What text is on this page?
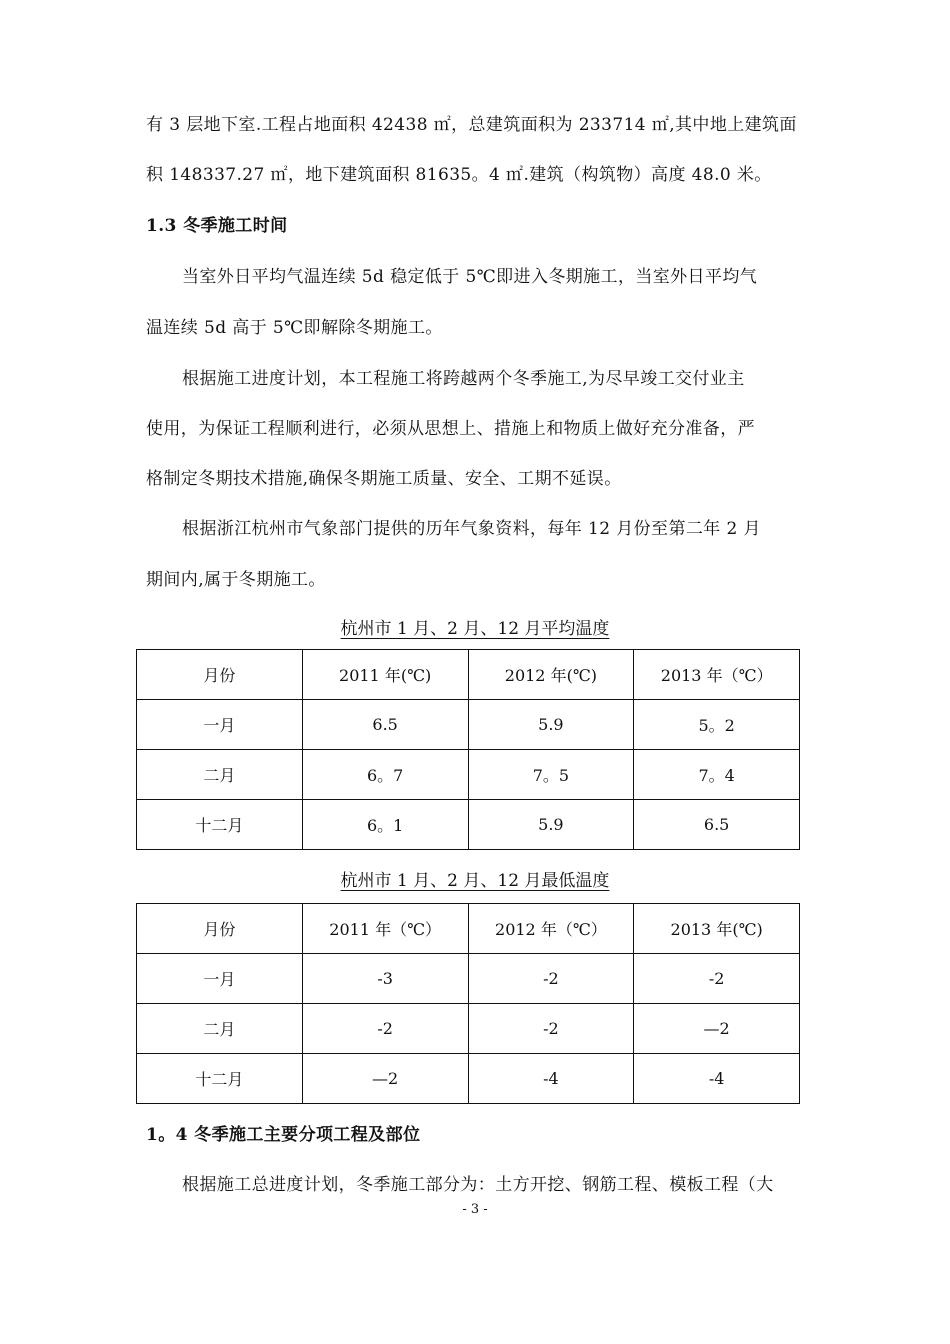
有 3 层地下室.工程占地面积 42438 ㎡，总建筑面积为 233714 ㎡,其中地上建筑面
积 148337.27 ㎡，地下建筑面积 81635。4 ㎡.建筑（构筑物）高度 48.0 米。
1.3 冬季施工时间
当室外日平均气温连续 5d 稳定低于 5℃即进入冬期施工，当室外日平均气
温连续 5d 高于 5℃即解除冬期施工。
根据施工进度计划，本工程施工将跨越两个冬季施工,为尽早竣工交付业主
使用，为保证工程顺利进行，必须从思想上、措施上和物质上做好充分准备，严
格制定冬期技术措施,确保冬期施工质量、安全、工期不延误。
根据浙江杭州市气象部门提供的历年气象资料，每年 12 月份至第二年 2 月
期间内,属于冬期施工。
杭州市 1 月、2 月、12 月平均温度
月份	2011 年(℃)	2012 年(℃)	2013 年（℃）
一月	6.5	5.9	5。2
二月	6。7	7。5	7。4
十二月	6。1	5.9	6.5
杭州市 1 月、2 月、12 月最低温度
月份	2011 年（℃）	2012 年（℃）	2013 年(℃)
一月	-3	-2	-2
二月	-2	-2	—2
十二月	—2	-4	-4
1。4 冬季施工主要分项工程及部位
根据施工总进度计划，冬季施工部分为：土方开挖、钢筋工程、模板工程（大
- 3 -
